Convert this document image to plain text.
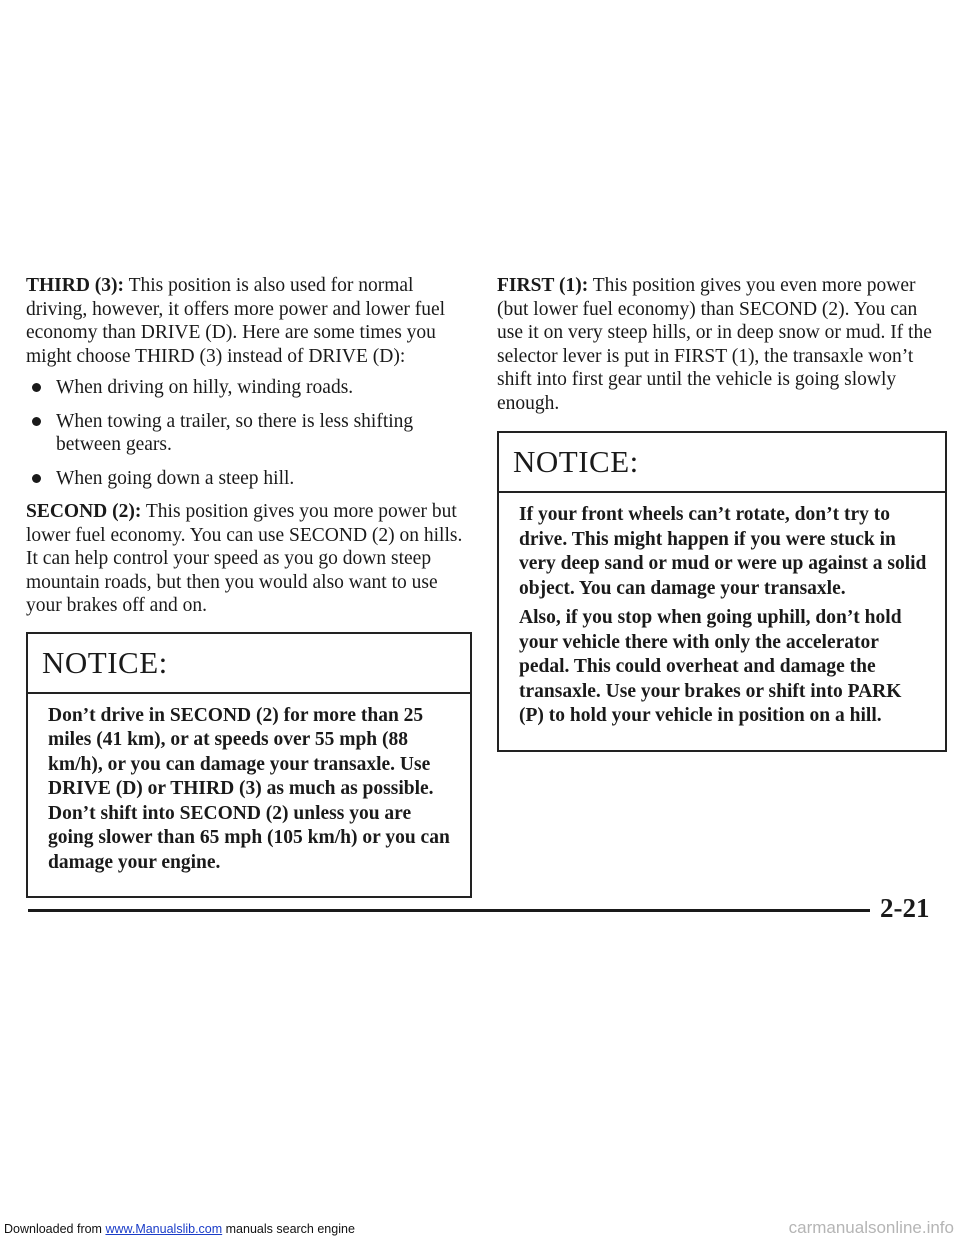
THIRD (3): This position is also used for normal driving, however, it offers more power and lower fuel economy than DRIVE (D). Here are some times you might choose THIRD (3) instead of DRIVE (D):

When driving on hilly, winding roads.
When towing a trailer, so there is less shifting between gears.
When going down a steep hill.

SECOND (2): This position gives you more power but lower fuel economy. You can use SECOND (2) on hills. It can help control your speed as you go down steep mountain roads, but then you would also want to use your brakes off and on.

NOTICE:

Don’t drive in SECOND (2) for more than 25 miles (41 km), or at speeds over 55 mph (88 km/h), or you can damage your transaxle. Use DRIVE (D) or THIRD (3) as much as possible. Don’t shift into SECOND (2) unless you are going slower than 65 mph (105 km/h) or you can damage your engine.

FIRST (1): This position gives you even more power (but lower fuel economy) than SECOND (2). You can use it on very steep hills, or in deep snow or mud. If the selector lever is put in FIRST (1), the transaxle won’t shift into first gear until the vehicle is going slowly enough.

NOTICE:

If your front wheels can’t rotate, don’t try to drive. This might happen if you were stuck in very deep sand or mud or were up against a solid object. You can damage your transaxle.

Also, if you stop when going uphill, don’t hold your vehicle there with only the accelerator pedal. This could overheat and damage the transaxle. Use your brakes or shift into PARK (P) to hold your vehicle in position on a hill.

2-21
Downloaded from www.Manualslib.com manuals search engine	carmanualsonline.info
